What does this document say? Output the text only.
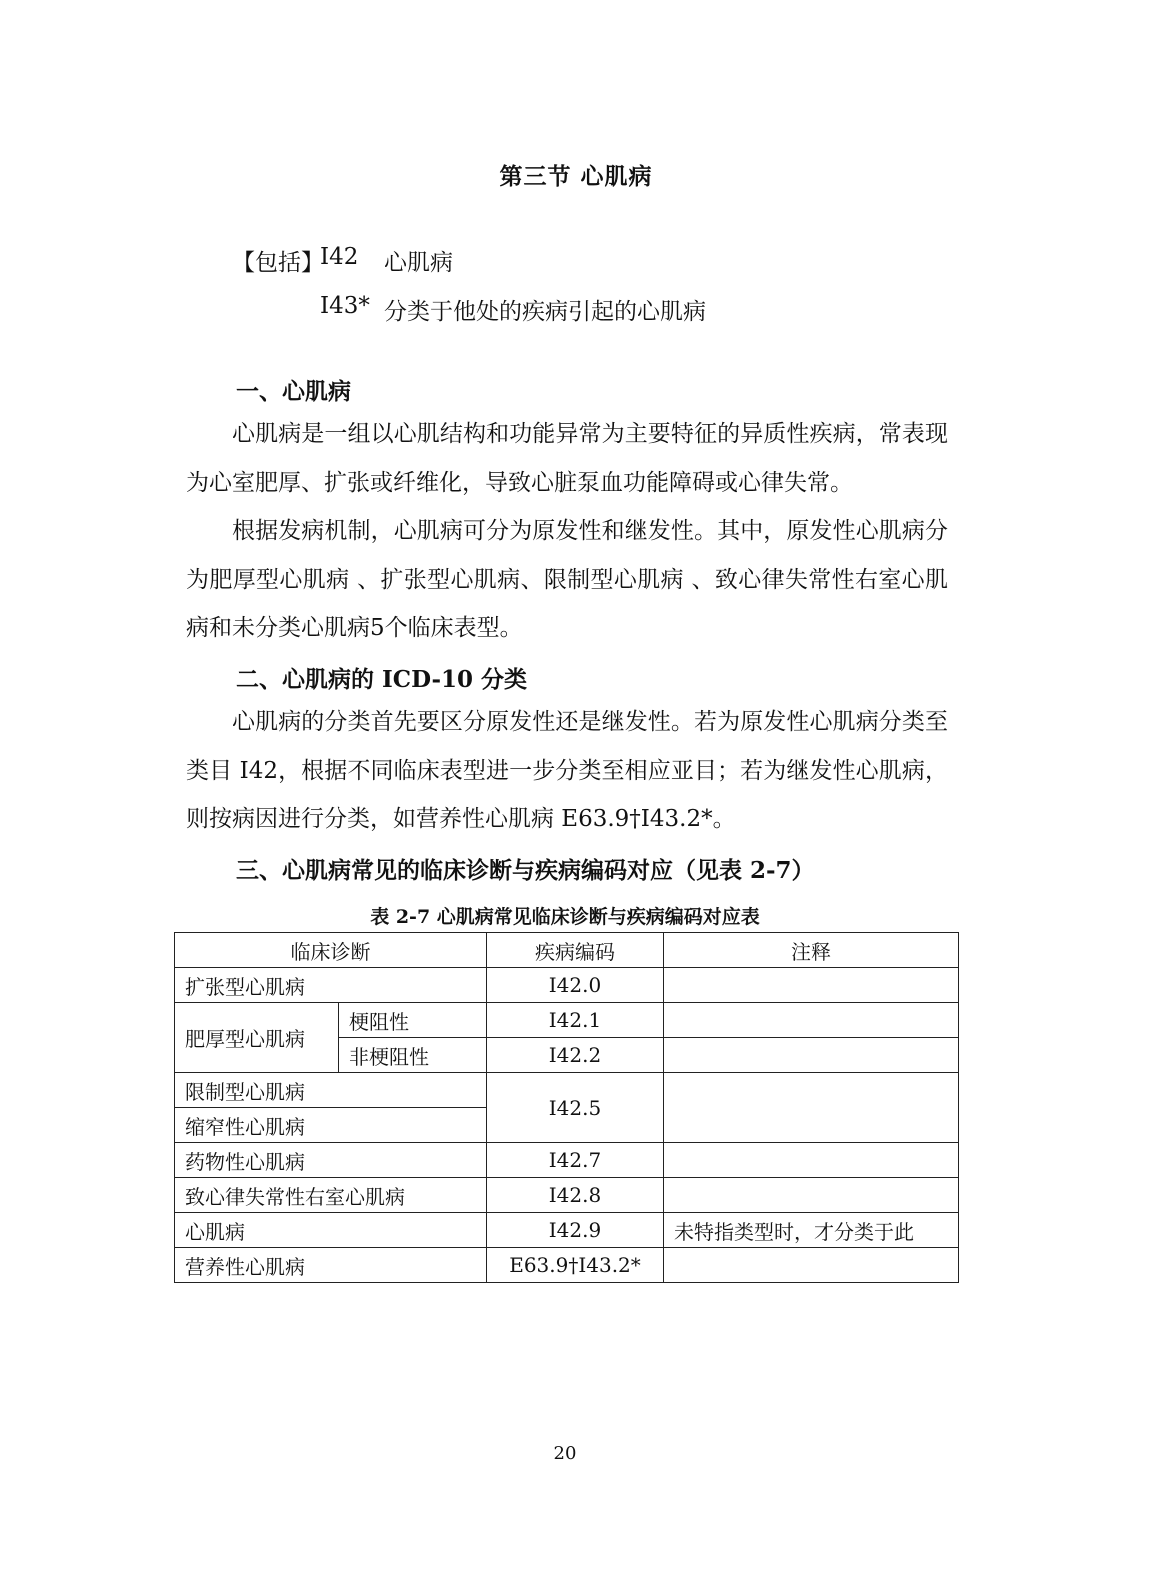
第三节 心肌病
【包括】
I42 心肌病
I43* 分类于他处的疾病引起的心肌病
一、心肌病

心肌病是一组以心肌结构和功能异常为主要特征的异质性疾病，常表现为心室肥厚、扩张或纤维化，导致心脏泵血功能障碍或心律失常。

根据发病机制，心肌病可分为原发性和继发性。其中，原发性心肌病分为肥厚型心肌病 、扩张型心肌病、限制型心肌病 、致心律失常性右室心肌病和未分类心肌病5个临床表型。

二、心肌病的 ICD-10 分类

心肌病的分类首先要区分原发性还是继发性。若为原发性心肌病分类至类目 I42，根据不同临床表型进一步分类至相应亚目；若为继发性心肌病，则按病因进行分类，如营养性心肌病 E63.9†I43.2*。

三、心肌病常见的临床诊断与疾病编码对应（见表 2-7）
表 2-7 心肌病常见临床诊断与疾病编码对应表
临床诊断		疾病编码	注释
扩张型心肌病		I42.0	
肥厚型心肌病	梗阻性	I42.1	
	非梗阻性	I42.2	
限制型心肌病		I42.5	
缩窄性心肌病			
药物性心肌病		I42.7	
致心律失常性右室心肌病		I42.8	
心肌病		I42.9	未特指类型时，才分类于此
营养性心肌病		E63.9†I43.2*	
20
